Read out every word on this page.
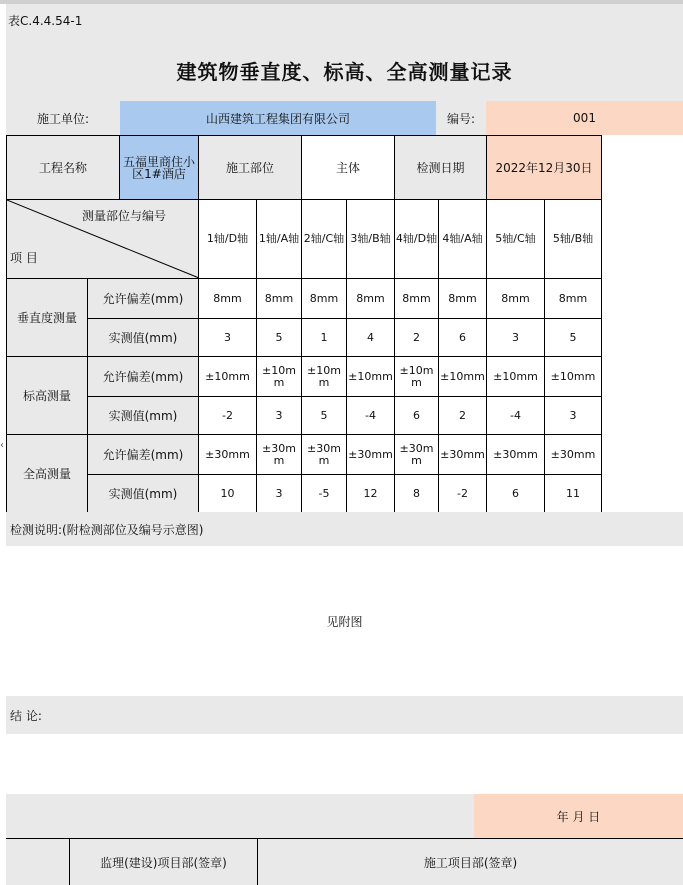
表C.4.4.54-1
建筑物垂直度、标高、全高测量记录
施工单位:	山西建筑工程集团有限公司	编号:	001
工程名称		五福里商住小区1#酒店	施工部位		主体		检测日期		2022年12月30日	

测量部位与编号
项 目			1轴/D轴	1轴/A轴	2轴/C轴	3轴/B轴	4轴/D轴	4轴/A轴	5轴/C轴	5轴/B轴
垂直度测量	允许偏差(mm)		8mm	8mm	8mm	8mm	8mm	8mm	8mm	8mm
	实测值(mm)		3	5	1	4	2	6	3	5
标高测量	允许偏差(mm)		±10mm	±10mm	±10mm	±10mm	±10mm	±10mm	±10mm	±10mm
	实测值(mm)		-2	3	5	-4	6	2	-4	3
全高测量	允许偏差(mm)		±30mm	±30mm	±30mm	±30mm	±30mm	±30mm	±30mm	±30mm
	实测值(mm)		10	3	-5	12	8	-2	6	11
检测说明:(附检测部位及编号示意图)
见附图
结 论:
年 月 日
监理(建设)项目部(签章)	施工项目部(签章)
‹
